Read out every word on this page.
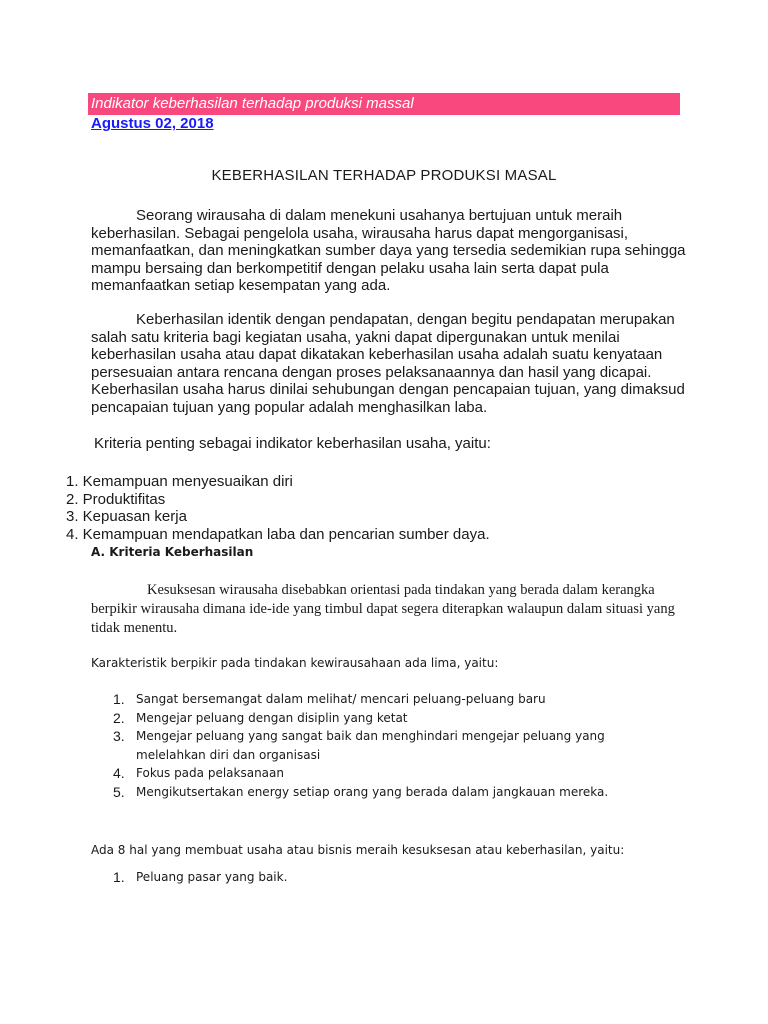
Indikator keberhasilan terhadap produksi massal
Agustus 02, 2018
KEBERHASILAN TERHADAP PRODUKSI MASAL

Seorang wirausaha di dalam menekuni usahanya bertujuan untuk meraih keberhasilan. Sebagai pengelola usaha, wirausaha harus dapat mengorganisasi, memanfaatkan, dan meningkatkan sumber daya yang tersedia sedemikian rupa sehingga mampu bersaing dan berkompetitif dengan pelaku usaha lain serta dapat pula memanfaatkan setiap kesempatan yang ada.

Keberhasilan identik dengan pendapatan, dengan begitu pendapatan merupakan salah satu kriteria bagi kegiatan usaha, yakni dapat dipergunakan untuk menilai keberhasilan usaha atau dapat dikatakan keberhasilan usaha adalah suatu kenyataan persesuaian antara rencana dengan proses pelaksanaannya dan hasil yang dicapai. Keberhasilan usaha harus dinilai sehubungan dengan pencapaian tujuan, yang dimaksud pencapaian tujuan yang popular adalah menghasilkan laba.

Kriteria penting sebagai indikator keberhasilan usaha, yaitu:
1. Kemampuan menyesuaikan diri
2. Produktifitas
3. Kepuasan kerja
4. Kemampuan mendapatkan laba dan pencarian sumber daya.
A. Kriteria Keberhasilan

Kesuksesan wirausaha disebabkan orientasi pada tindakan yang berada dalam kerangka berpikir wirausaha dimana ide-ide yang timbul dapat segera diterapkan walaupun dalam situasi yang tidak menentu.

Karakteristik berpikir pada tindakan kewirausahaan ada lima, yaitu:
1. Sangat bersemangat dalam melihat/ mencari peluang-peluang baru
2. Mengejar peluang dengan disiplin yang ketat
3. Mengejar peluang yang sangat baik dan menghindari mengejar peluang yang melelahkan diri dan organisasi
4. Fokus pada pelaksanaan
5. Mengikutsertakan energy setiap orang yang berada dalam jangkauan mereka.
Ada 8 hal yang membuat usaha atau bisnis meraih kesuksesan atau keberhasilan, yaitu:
1. Peluang pasar yang baik.
